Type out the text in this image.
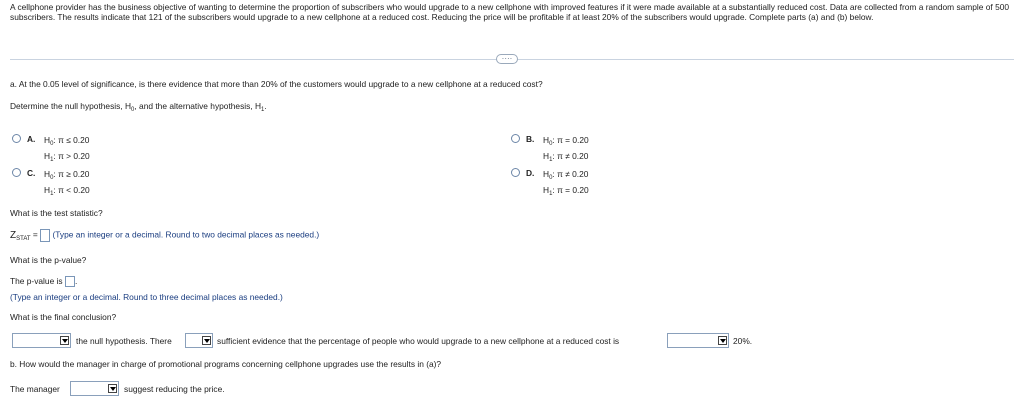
A cellphone provider has the business objective of wanting to determine the proportion of subscribers who would upgrade to a new cellphone with improved features if it were made available at a substantially reduced cost. Data are collected from a random sample of 500 subscribers. The results indicate that 121 of the subscribers would upgrade to a new cellphone at a reduced cost. Reducing the price will be profitable if at least 20% of the subscribers would upgrade. Complete parts (a) and (b) below.

····
a. At the 0.05 level of significance, is there evidence that more than 20% of the customers would upgrade to a new cellphone at a reduced cost?
Determine the null hypothesis, $H_0$, and the alternative hypothesis, $H_1$.
A. $H_0$: π ≤ 0.20
$H_1$: π > 0.20
B. $H_0$: π = 0.20
$H_1$: π ≠ 0.20
C. $H_0$: π ≥ 0.20
$H_1$: π < 0.20
D. $H_0$: π ≠ 0.20
$H_1$: π = 0.20
What is the test statistic?
$Z_{STAT}$ = (Type an integer or a decimal. Round to two decimal places as needed.)
What is the p-value?
The p-value is .
(Type an integer or a decimal. Round to three decimal places as needed.)
What is the final conclusion?
the null hypothesis. There	sufficient evidence that the percentage of people who would upgrade to a new cellphone at a reduced cost is	20%.
b. How would the manager in charge of promotional programs concerning cellphone upgrades use the results in (a)?
The manager	suggest reducing the price.
